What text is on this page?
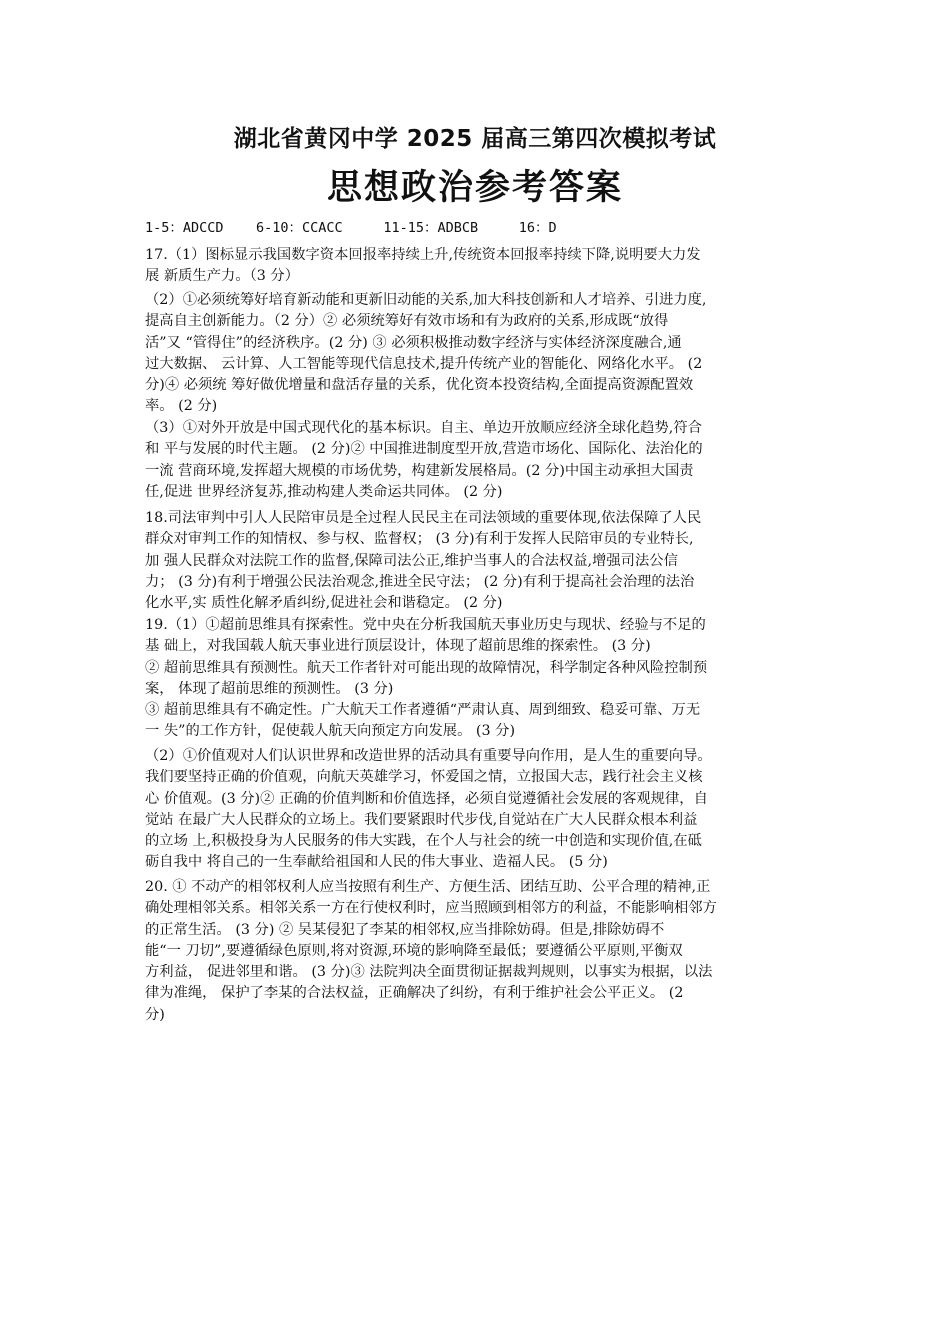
湖北省黄冈中学 2025 届高三第四次模拟考试
思想政治参考答案
1-5：ADCCD    6-10：CCACC     11-15：ADBCB     16：D
17.（1）图标显示我国数字资本回报率持续上升,传统资本回报率持续下降,说明要大力发
展 新质生产力。（3 分）
（2）①必须统筹好培育新动能和更新旧动能的关系,加大科技创新和人才培养、引进力度,
提高自主创新能力。（2 分）② 必须统筹好有效市场和有为政府的关系,形成既“放得
活”又 “管得住”的经济秩序。(2 分) ③ 必须积极推动数字经济与实体经济深度融合,通
过大数据、 云计算、人工智能等现代信息技术,提升传统产业的智能化、网络化水平。 (2
分)④ 必须统 筹好做优增量和盘活存量的关系，优化资本投资结构,全面提高资源配置效
率。 (2 分)
（3）①对外开放是中国式现代化的基本标识。自主、单边开放顺应经济全球化趋势,符合
和 平与发展的时代主题。 (2 分)② 中国推进制度型开放,营造市场化、国际化、法治化的
一流 营商环境,发挥超大规模的市场优势，构建新发展格局。(2 分)中国主动承担大国责
任,促进 世界经济复苏,推动构建人类命运共同体。 (2 分)
18.司法审判中引人人民陪审员是全过程人民民主在司法领域的重要体现,依法保障了人民
群众对审判工作的知情权、参与权、监督权； (3 分)有利于发挥人民陪审员的专业特长,
加 强人民群众对法院工作的监督,保障司法公正,维护当事人的合法权益,增强司法公信
力； (3 分)有利于增强公民法治观念,推进全民守法； (2 分)有利于提高社会治理的法治
化水平,实 质性化解矛盾纠纷,促进社会和谐稳定。 (2 分)
19.（1）①超前思维具有探索性。党中央在分析我国航天事业历史与现状、经验与不足的
基 础上，对我国载人航天事业进行顶层设计，体现了超前思维的探索性。 (3 分)
② 超前思维具有预测性。航天工作者针对可能出现的故障情况，科学制定各种风险控制预
案， 体现了超前思维的预测性。 (3 分)
③ 超前思维具有不确定性。广大航天工作者遵循“严肃认真、周到细致、稳妥可靠、万无
一 失”的工作方针，促使载人航天向预定方向发展。 (3 分)
（2）①价值观对人们认识世界和改造世界的活动具有重要导向作用，是人生的重要向导。
我们要坚持正确的价值观，向航天英雄学习，怀爱国之情，立报国大志，践行社会主义核
心 价值观。(3 分)② 正确的价值判断和价值选择，必须自觉遵循社会发展的客观规律，自
觉站 在最广大人民群众的立场上。我们要紧跟时代步伐,自觉站在广大人民群众根本利益
的立场 上,积极投身为人民服务的伟大实践，在个人与社会的统一中创造和实现价值,在砥
砺自我中 将自己的一生奉献给祖国和人民的伟大事业、造福人民。 (5 分)
20. ① 不动产的相邻权利人应当按照有利生产、方便生活、团结互助、公平合理的精神,正
确处理相邻关系。相邻关系一方在行使权利时，应当照顾到相邻方的利益，不能影响相邻方
的正常生活。 (3 分) ② 吴某侵犯了李某的相邻权,应当排除妨碍。但是,排除妨碍不
能“一 刀切”,要遵循绿色原则,将对资源,环境的影响降至最低；要遵循公平原则,平衡双
方利益， 促进邻里和谐。 (3 分)③ 法院判决全面贯彻证据裁判规则，以事实为根据，以法
律为准绳， 保护了李某的合法权益，正确解决了纠纷，有利于维护社会公平正义。 (2
分)
